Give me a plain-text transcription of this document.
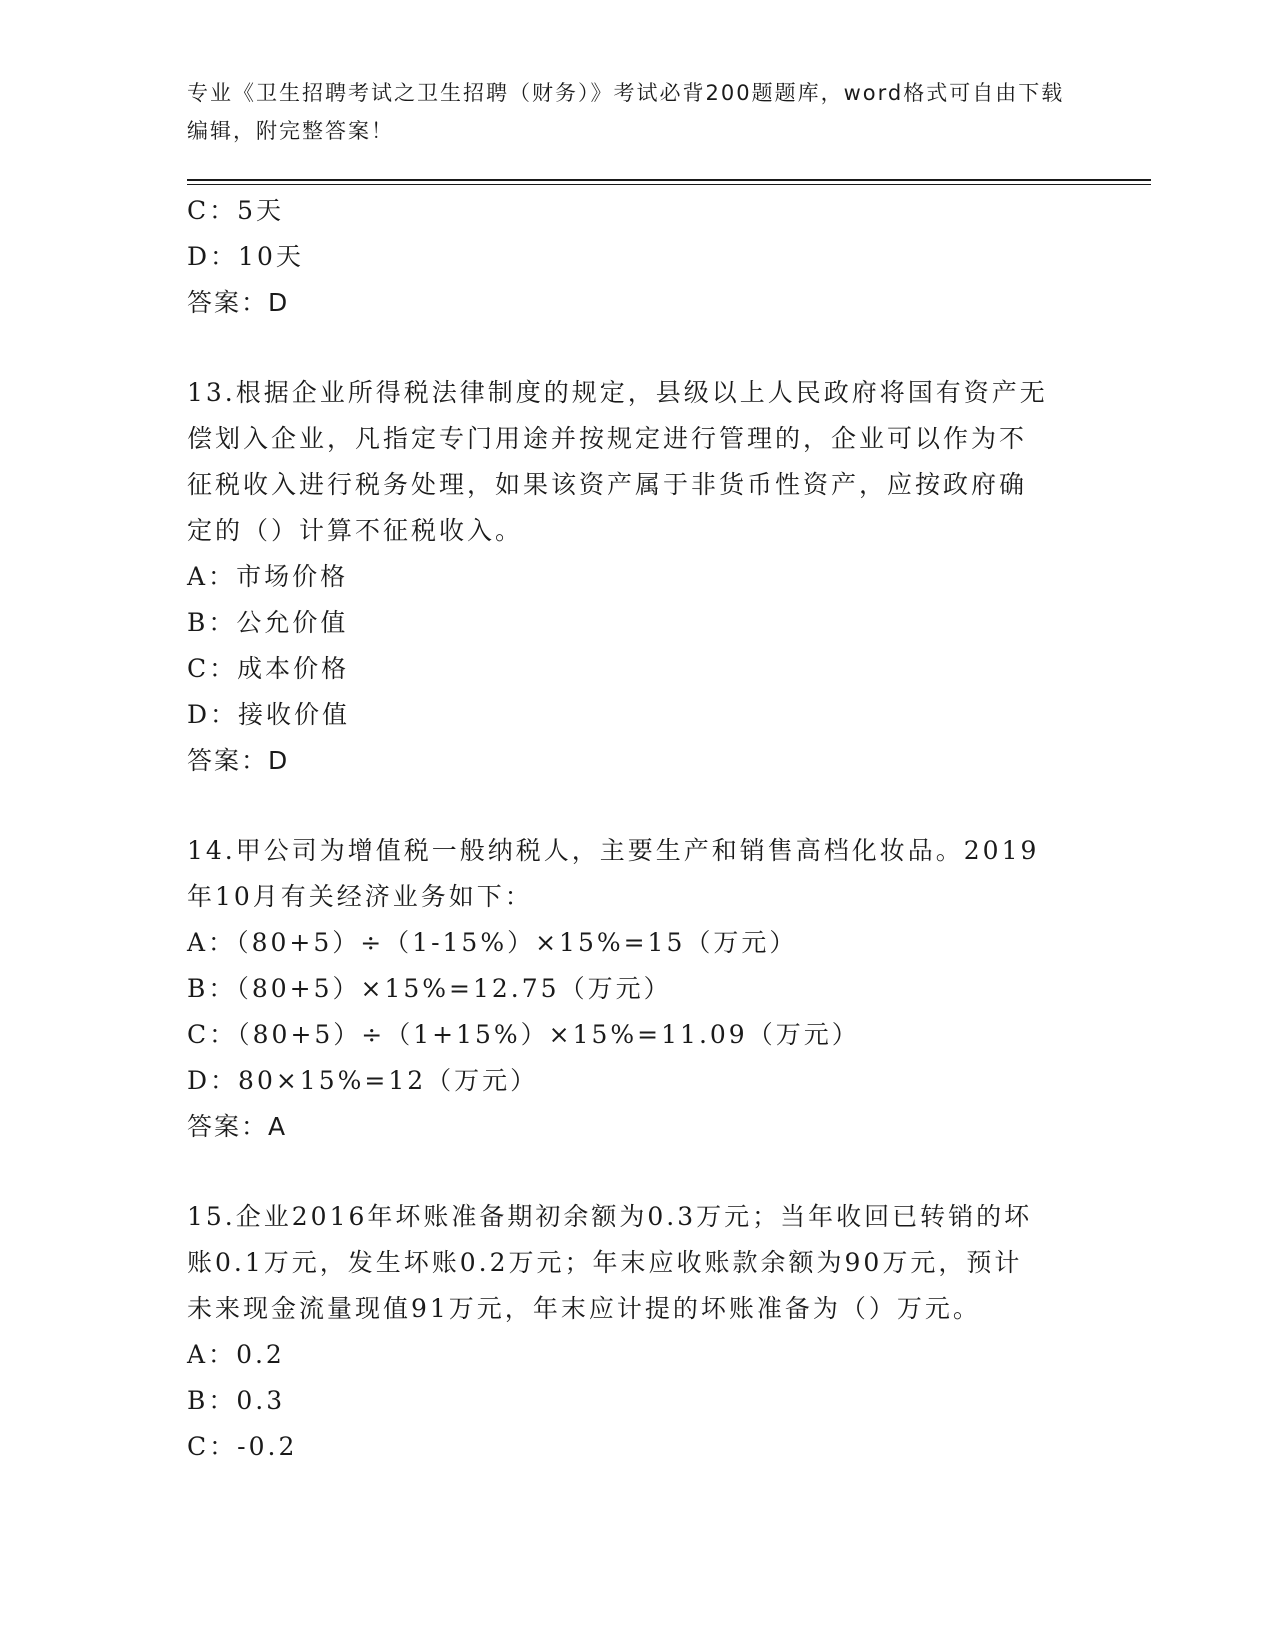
专业《卫生招聘考试之卫生招聘（财务）》考试必背200题题库，word格式可自由下载编辑，附完整答案！
C：5天
D：10天
答案：D
13.根据企业所得税法律制度的规定，县级以上人民政府将国有资产无
偿划入企业，凡指定专门用途并按规定进行管理的，企业可以作为不
征税收入进行税务处理，如果该资产属于非货币性资产，应按政府确
定的（）计算不征税收入。
A：市场价格
B：公允价值
C：成本价格
D：接收价值
答案：D
14.甲公司为增值税一般纳税人，主要生产和销售高档化妆品。2019
年10月有关经济业务如下：
A：（80+5）÷（1-15%）×15%=15（万元）
B：（80+5）×15%=12.75（万元）
C：（80+5）÷（1+15%）×15%=11.09（万元）
D：80×15%=12（万元）
答案：A
15.企业2016年坏账准备期初余额为0.3万元；当年收回已转销的坏
账0.1万元，发生坏账0.2万元；年末应收账款余额为90万元，预计
未来现金流量现值91万元，年末应计提的坏账准备为（）万元。
A：0.2
B：0.3
C：-0.2
